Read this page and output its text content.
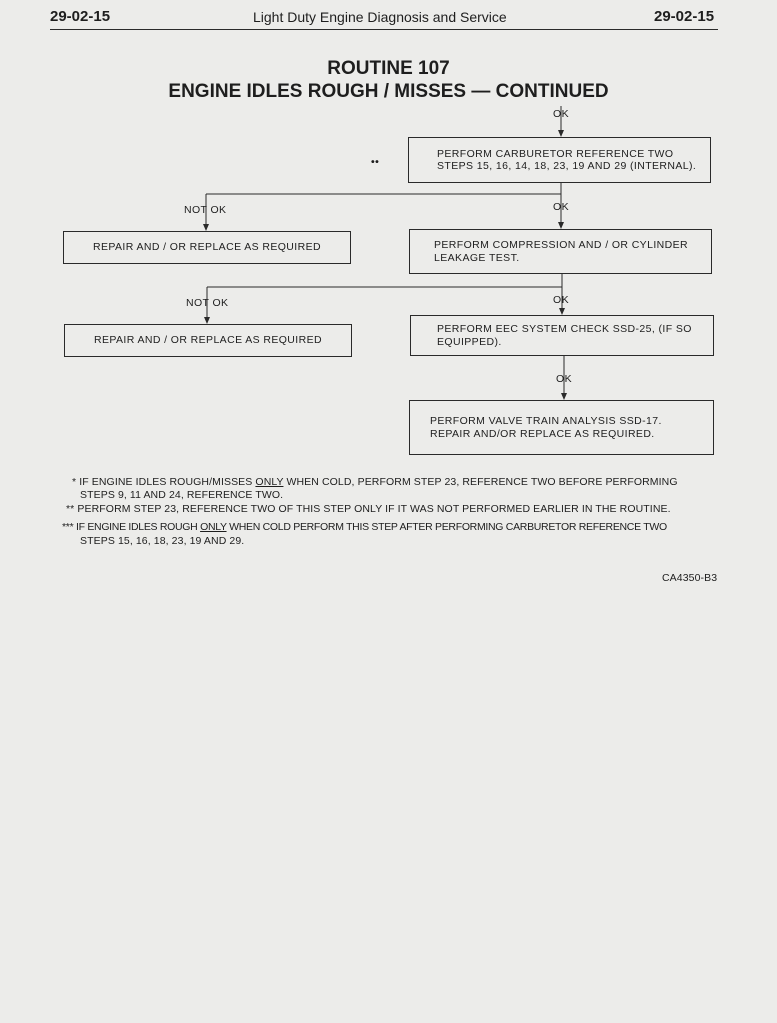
29-02-15	Light Duty Engine Diagnosis and Service	29-02-15
ROUTINE 107
ENGINE IDLES ROUGH / MISSES — CONTINUED
OK
••
NOT OK	OK
NOT OK	OK
OK
PERFORM CARBURETOR REFERENCE TWO STEPS 15, 16, 14, 18, 23, 19 AND 29 (INTERNAL).
REPAIR AND / OR REPLACE AS REQUIRED	PERFORM COMPRESSION AND / OR CYLINDER LEAKAGE TEST.
REPAIR AND / OR REPLACE AS REQUIRED
PERFORM EEC SYSTEM CHECK SSD-25, (IF SO EQUIPPED).
PERFORM VALVE TRAIN ANALYSIS SSD-17. REPAIR AND/OR REPLACE AS REQUIRED.
* IF ENGINE IDLES ROUGH/MISSES ONLY WHEN COLD, PERFORM STEP 23, REFERENCE TWO BEFORE PERFORMING
STEPS 9, 11 AND 24, REFERENCE TWO.
** PERFORM STEP 23, REFERENCE TWO OF THIS STEP ONLY IF IT WAS NOT PERFORMED EARLIER IN THE ROUTINE.
*** IF ENGINE IDLES ROUGH ONLY WHEN COLD PERFORM THIS STEP AFTER PERFORMING CARBURETOR REFERENCE TWO
STEPS 15, 16, 18, 23, 19 AND 29.
CA4350-B3
